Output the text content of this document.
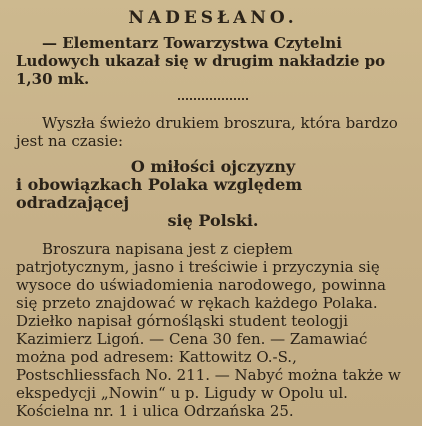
NADESŁANO.

— Elementarz Towarzystwa Czytelni Ludowych ukazał się w drugim nakładzie po 1,30 mk.

Wyszła świeżo drukiem broszura, która bardzo jest na czasie:

O miłości ojczyzny
i obowiązkach Polaka względem odradzającej
się Polski.

Broszura napisana jest z ciepłem patrjotycznym, jasno i treściwie i przyczynia się wysoce do uświadomienia narodowego, powinna się przeto znajdować w rękach każdego Polaka. Dziełko napisał górnośląski student teologji Kazimierz Ligoń. — Cena 30 fen. — Zamawiać można pod adresem: Kattowitz O.-S., Postschliessfach No. 211. — Nabyć można także w ekspedycji „Nowin“ u p. Ligudy w Opolu ul. Kościelna nr. 1 i ulica Odrzańska 25.
